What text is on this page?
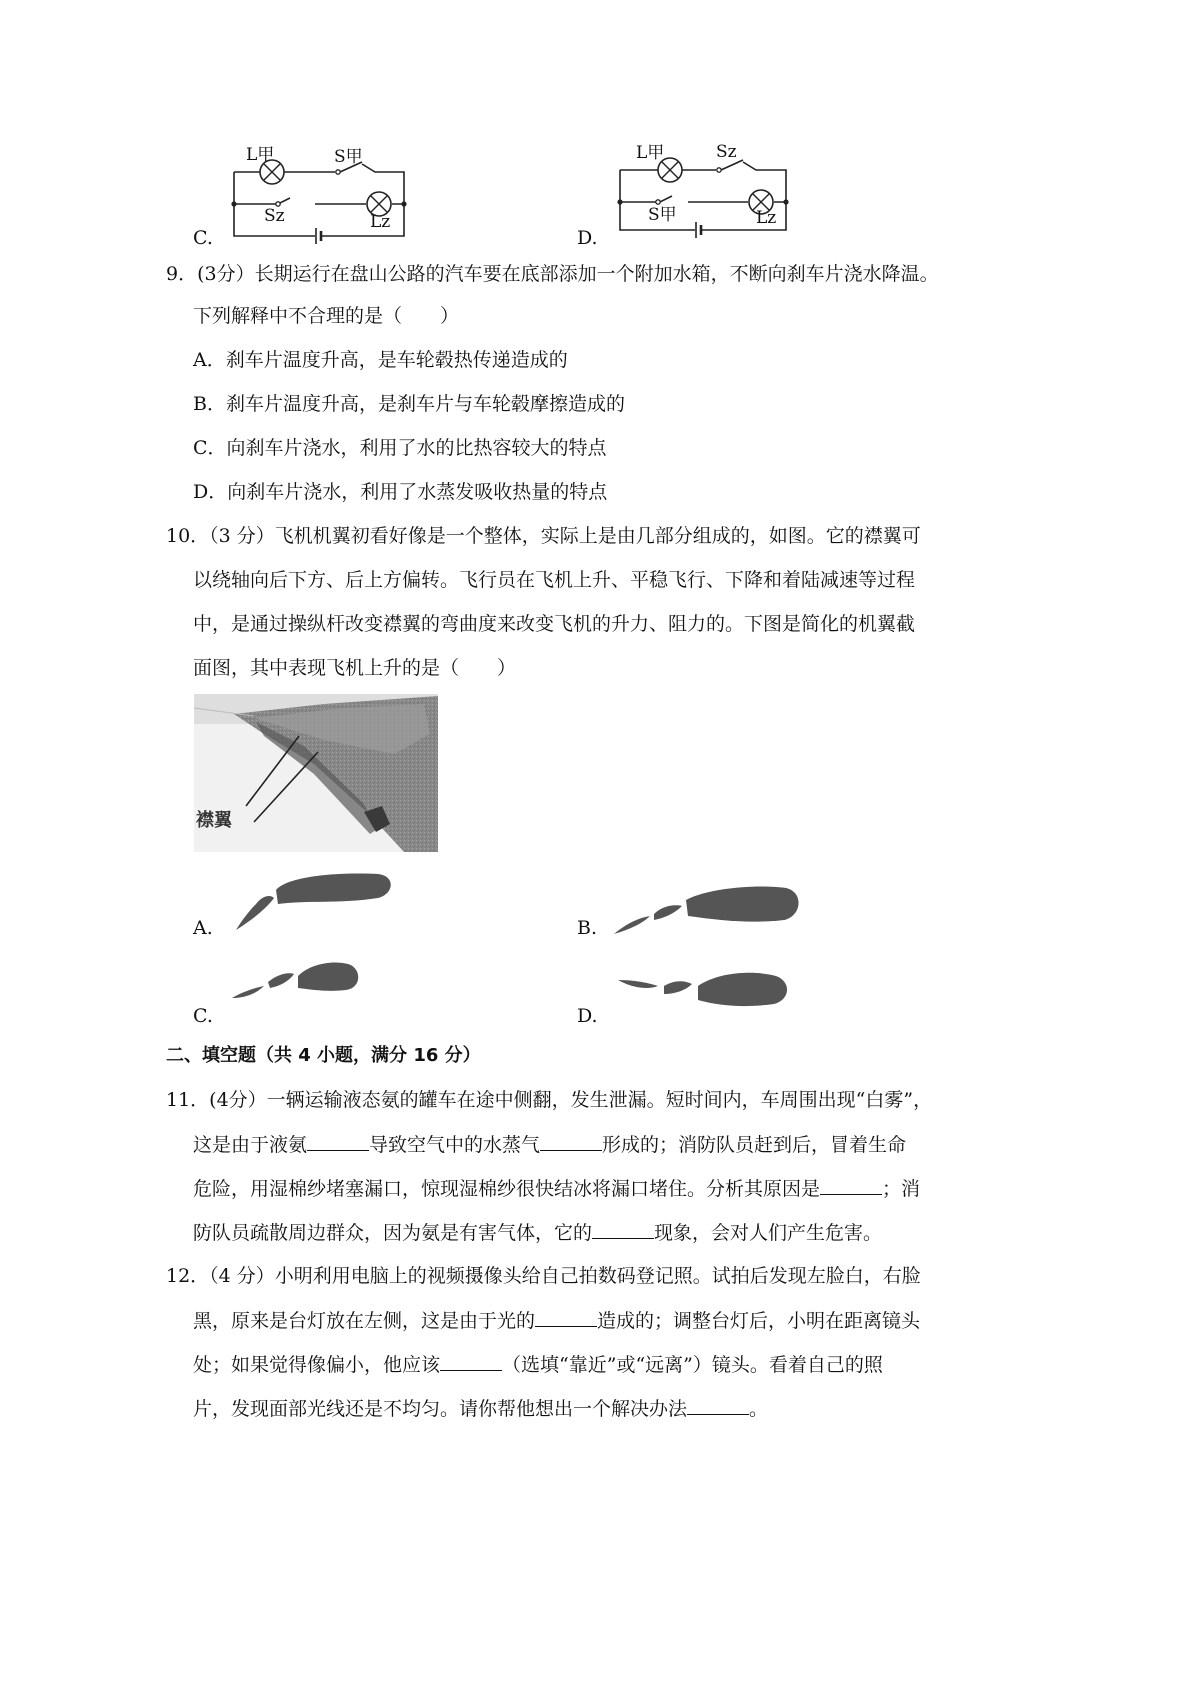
L甲	S甲
Sz	Lz
C.
L甲	Sz
S甲	Lz
D.
9．(3分）长期运行在盘山公路的汽车要在底部添加一个附加水箱，不断向刹车片浇水降温。
下列解释中不合理的是（　　）
A．刹车片温度升高，是车轮毂热传递造成的
B．刹车片温度升高，是刹车片与车轮毂摩擦造成的
C．向刹车片浇水，利用了水的比热容较大的特点
D．向刹车片浇水，利用了水蒸发吸收热量的特点
10．（3 分）飞机机翼初看好像是一个整体，实际上是由几部分组成的，如图。它的襟翼可
以绕轴向后下方、后上方偏转。飞行员在飞机上升、平稳飞行、下降和着陆减速等过程
中，是通过操纵杆改变襟翼的弯曲度来改变飞机的升力、阻力的。下图是简化的机翼截
面图，其中表现飞机上升的是（　　）
襟翼
A.	B.
C.	D.
二、填空题（共 4 小题，满分 16 分）
11．(4分）一辆运输液态氨的罐车在途中侧翻，发生泄漏。短时间内，车周围出现“白雾”，
这是由于液氨	导致空气中的水蒸气	形成的；消防队员赶到后，冒着生命
危险，用湿棉纱堵塞漏口，惊现湿棉纱很快结冰将漏口堵住。分析其原因是	；消
防队员疏散周边群众，因为氨是有害气体，它的	现象，会对人们产生危害。
12．（4 分）小明利用电脑上的视频摄像头给自己拍数码登记照。试拍后发现左脸白，右脸
黑，原来是台灯放在左侧，这是由于光的	造成的；调整台灯后，小明在距离镜头
处；如果觉得像偏小，他应该	（选填“靠近”或“远离”）镜头。看着自己的照
片，发现面部光线还是不均匀。请你帮他想出一个解决办法	。
